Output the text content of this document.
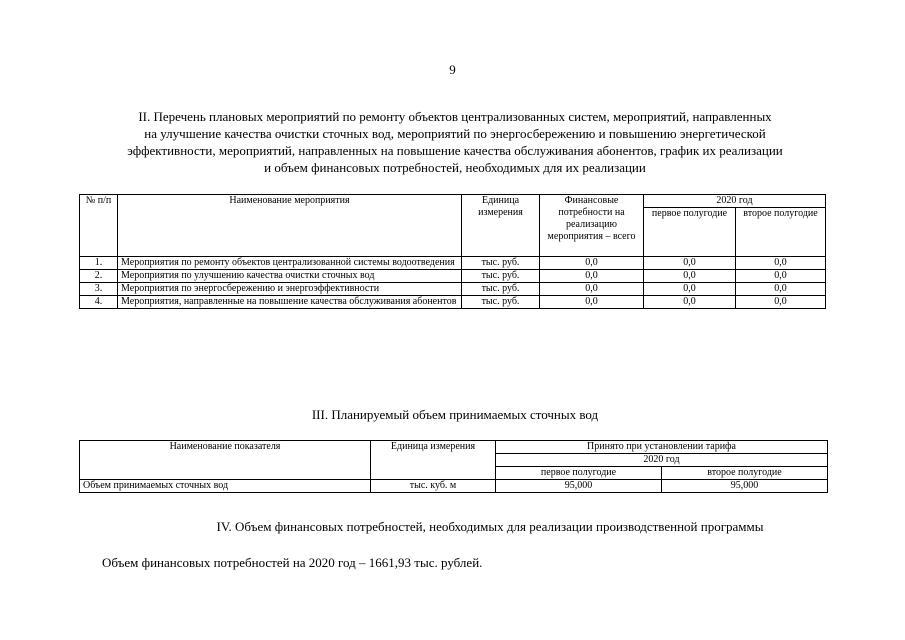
9
II. Перечень плановых мероприятий по ремонту объектов централизованных систем, мероприятий, направленных
на улучшение качества очистки сточных вод, мероприятий по энергосбережению и повышению энергетической
эффективности, мероприятий, направленных на повышение качества обслуживания абонентов, график их реализации
и объем финансовых потребностей, необходимых для их реализации
№ п/п	Наименование мероприятия	Единица измерения	Финансовые потребности на реализацию мероприятия – всего	2020 год	
				первое полугодие	второе полугодие
1.	Мероприятия по ремонту объектов централизованной системы водоотведения	тыс. руб.	0,0	0,0	0,0
2.	Мероприятия по улучшению качества очистки сточных вод	тыс. руб.	0,0	0,0	0,0
3.	Мероприятия по энергосбережению и энергоэффективности	тыс. руб.	0,0	0,0	0,0
4.	Мероприятия, направленные на повышение качества обслуживания абонентов	тыс. руб.	0,0	0,0	0,0
III. Планируемый объем принимаемых сточных вод
Наименование показателя	Единица измерения	Принято при установлении тарифа	
		2020 год	
		первое полугодие	второе полугодие
Объем принимаемых сточных вод	тыс. куб. м	95,000	95,000
IV. Объем финансовых потребностей, необходимых для реализации производственной программы
Объем финансовых потребностей на 2020 год – 1661,93 тыс. рублей.
